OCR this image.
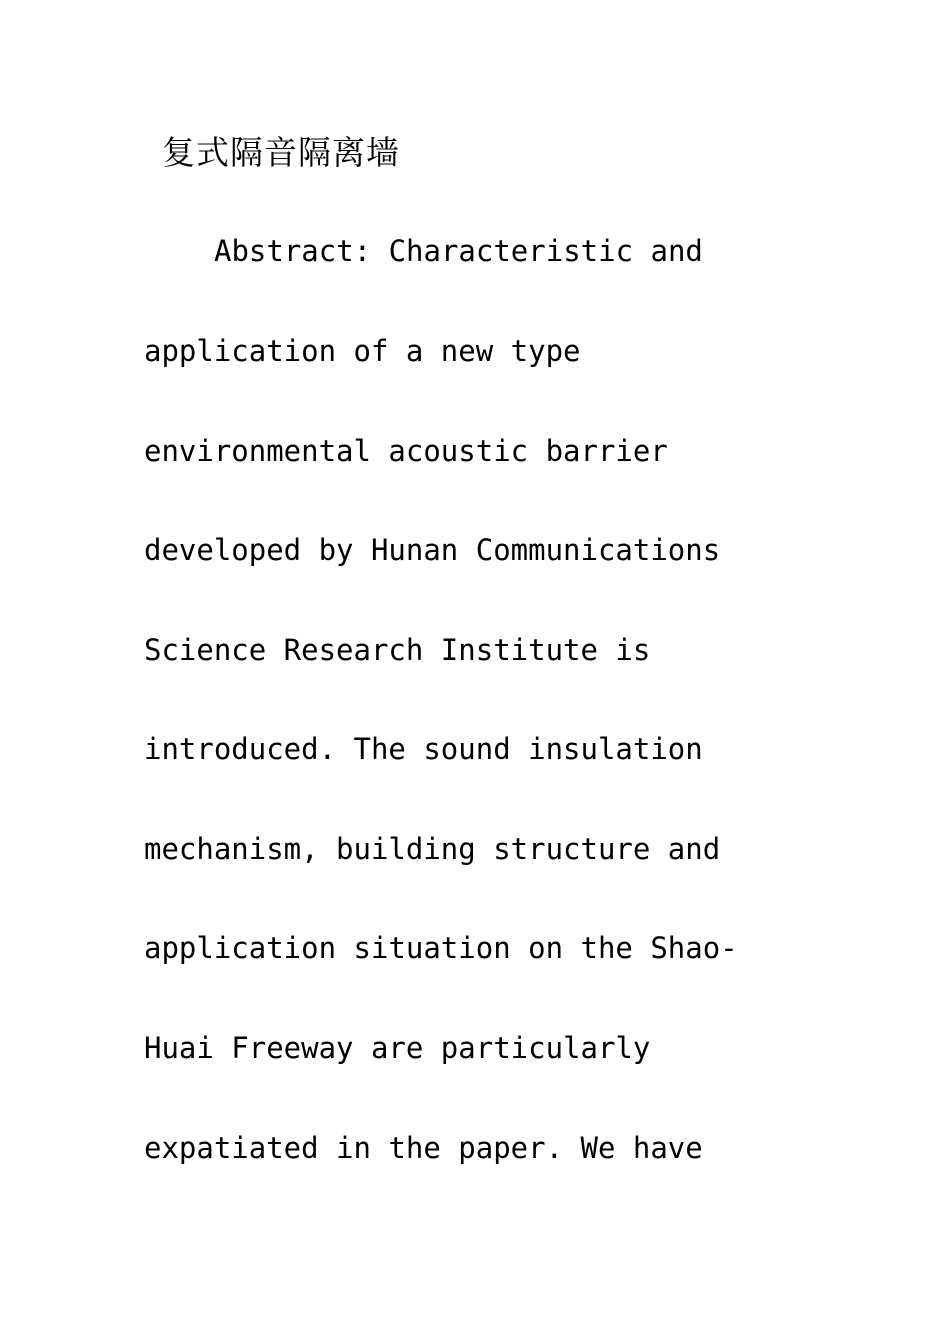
复式隔音隔离墙
Abstract: Characteristic and
application of a new type
environmental acoustic barrier
developed by Hunan Communications
Science Research Institute is
introduced. The sound insulation
mechanism, building structure and
application situation on the Shao-
Huai Freeway are particularly
expatiated in the paper. We have
